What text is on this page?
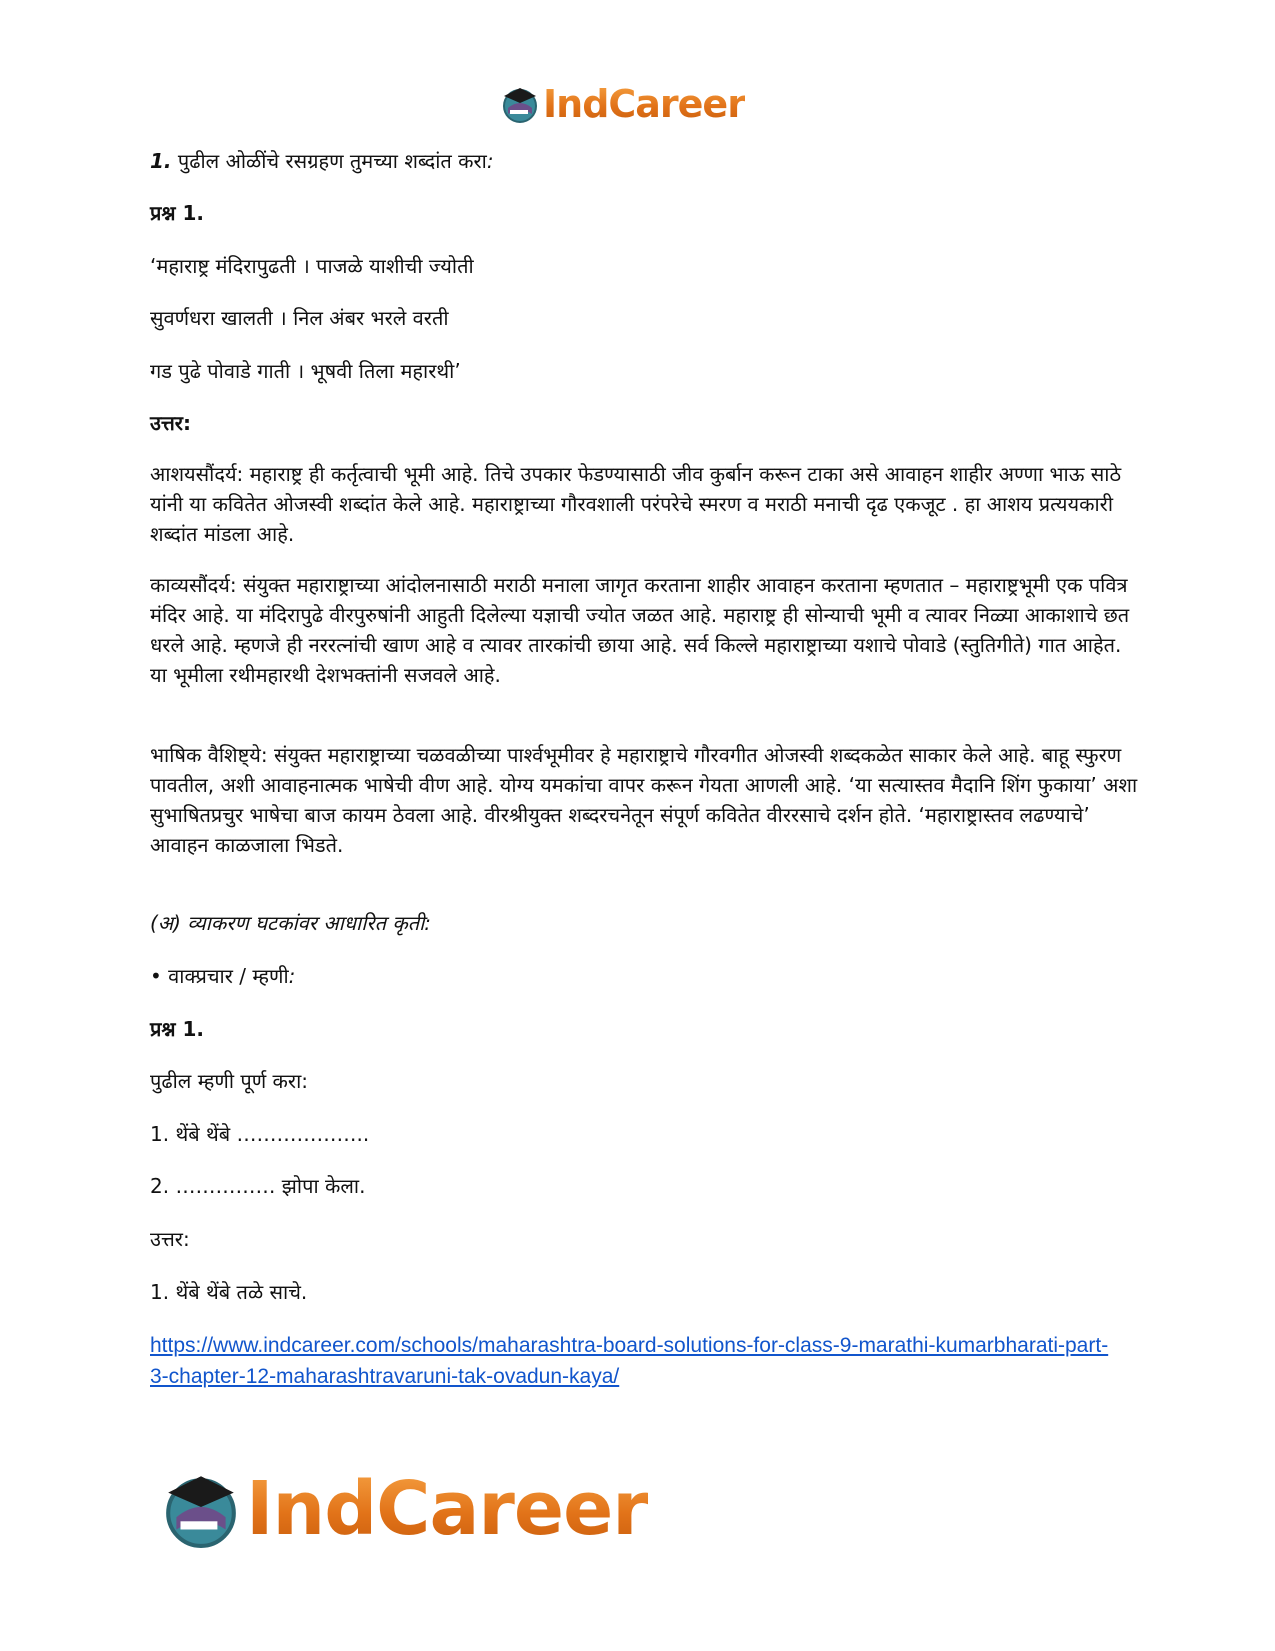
IndCareer
1. पुढील ओळींचे रसग्रहण तुमच्या शब्दांत करा:
प्रश्न 1.
‘महाराष्ट्र मंदिरापुढती । पाजळे याशीची ज्योती
सुवर्णधरा खालती । निल अंबर भरले वरती
गड पुढे पोवाडे गाती । भूषवी तिला महारथी’
उत्तर:
आशयसौंदर्य: महाराष्ट्र ही कर्तृत्वाची भूमी आहे. तिचे उपकार फेडण्यासाठी जीव कुर्बान करून टाका असे आवाहन शाहीर अण्णा भाऊ साठे यांनी या कवितेत ओजस्वी शब्दांत केले आहे. महाराष्ट्राच्या गौरवशाली परंपरेचे स्मरण व मराठी मनाची दृढ एकजूट . हा आशय प्रत्ययकारी शब्दांत मांडला आहे.
काव्यसौंदर्य: संयुक्त महाराष्ट्राच्या आंदोलनासाठी मराठी मनाला जागृत करताना शाहीर आवाहन करताना म्हणतात – महाराष्ट्रभूमी एक पवित्र मंदिर आहे. या मंदिरापुढे वीरपुरुषांनी आहुती दिलेल्या यज्ञाची ज्योत जळत आहे. महाराष्ट्र ही सोन्याची भूमी व त्यावर निळ्या आकाशाचे छत धरले आहे. म्हणजे ही नररत्नांची खाण आहे व त्यावर तारकांची छाया आहे. सर्व किल्ले महाराष्ट्राच्या यशाचे पोवाडे (स्तुतिगीते) गात आहेत. या भूमीला रथीमहारथी देशभक्तांनी सजवले आहे.
भाषिक वैशिष्ट्ये: संयुक्त महाराष्ट्राच्या चळवळीच्या पार्श्वभूमीवर हे महाराष्ट्राचे गौरवगीत ओजस्वी शब्दकळेत साकार केले आहे. बाहू स्फुरण पावतील, अशी आवाहनात्मक भाषेची वीण आहे. योग्य यमकांचा वापर करून गेयता आणली आहे. ‘या सत्यास्तव मैदानि शिंग फुकाया’ अशा सुभाषितप्रचुर भाषेचा बाज कायम ठेवला आहे. वीरश्रीयुक्त शब्दरचनेतून संपूर्ण कवितेत वीररसाचे दर्शन होते. ‘महाराष्ट्रास्तव लढण्याचे’ आवाहन काळजाला भिडते.
(अ) व्याकरण घटकांवर आधारित कृती:
• वाक्प्रचार / म्हणी:
प्रश्न 1.
पुढील म्हणी पूर्ण करा:
1. थेंबे थेंबे ………………..
2. …………… झोपा केला.
उत्तर:
1. थेंबे थेंबे तळे साचे.
https://www.indcareer.com/schools/maharashtra-board-solutions-for-class-9-marathi-kumarbharati-part-3-chapter-12-maharashtravaruni-tak-ovadun-kaya/
IndCareer
